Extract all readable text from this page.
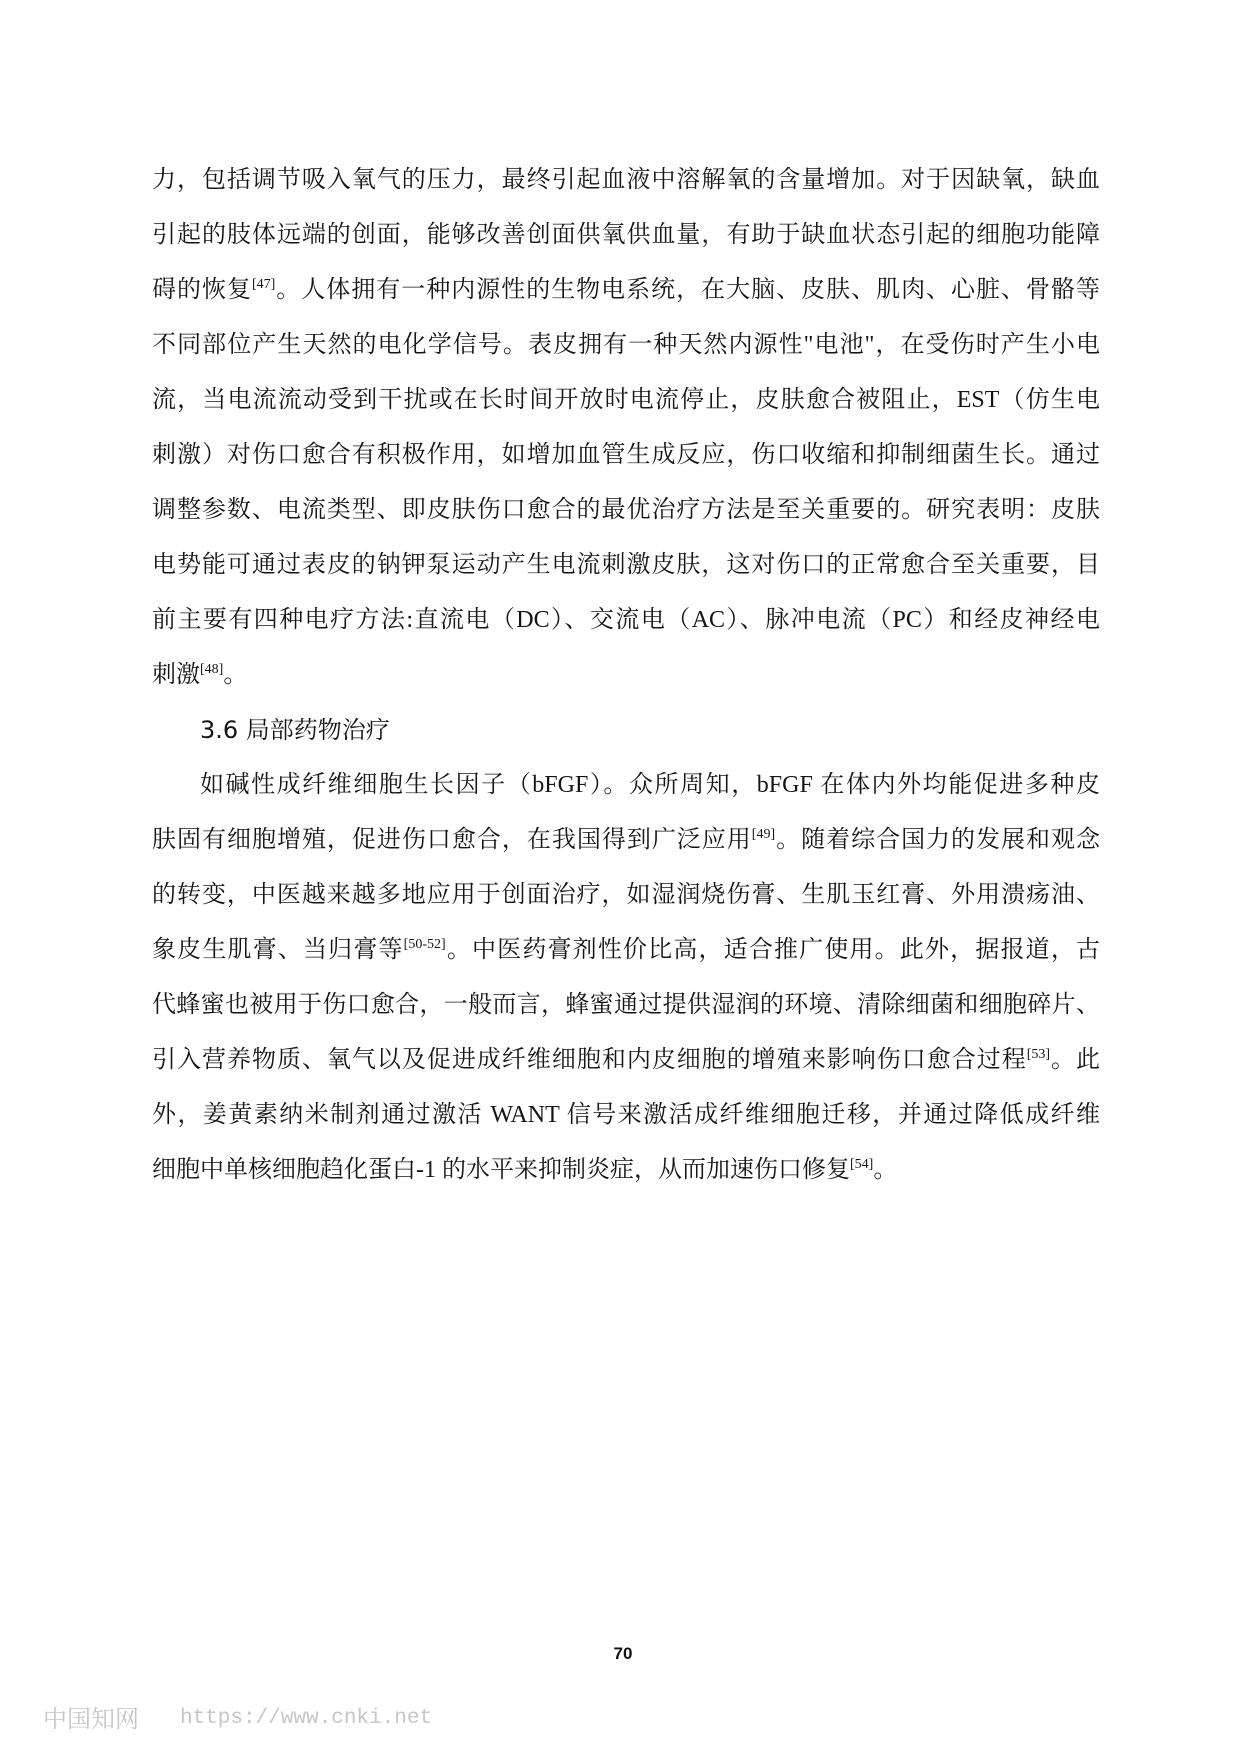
力，包括调节吸入氧气的压力，最终引起血液中溶解氧的含量增加。对于因缺氧，缺血
引起的肢体远端的创面，能够改善创面供氧供血量，有助于缺血状态引起的细胞功能障
碍的恢复[47]。人体拥有一种内源性的生物电系统，在大脑、皮肤、肌肉、心脏、骨骼等
不同部位产生天然的电化学信号。表皮拥有一种天然内源性"电池"，在受伤时产生小电
流，当电流流动受到干扰或在长时间开放时电流停止，皮肤愈合被阻止，EST（仿生电
刺激）对伤口愈合有积极作用，如增加血管生成反应，伤口收缩和抑制细菌生长。通过
调整参数、电流类型、即皮肤伤口愈合的最优治疗方法是至关重要的。研究表明：皮肤
电势能可通过表皮的钠钾泵运动产生电流刺激皮肤，这对伤口的正常愈合至关重要，目
前主要有四种电疗方法:直流电（DC）、交流电（AC）、脉冲电流（PC）和经皮神经电
刺激[48]。
3.6 局部药物治疗
如碱性成纤维细胞生长因子（bFGF）。众所周知，bFGF 在体内外均能促进多种皮
肤固有细胞增殖，促进伤口愈合，在我国得到广泛应用[49]。随着综合国力的发展和观念
的转变，中医越来越多地应用于创面治疗，如湿润烧伤膏、生肌玉红膏、外用溃疡油、
象皮生肌膏、当归膏等[50-52]。中医药膏剂性价比高，适合推广使用。此外，据报道，古
代蜂蜜也被用于伤口愈合，一般而言，蜂蜜通过提供湿润的环境、清除细菌和细胞碎片、
引入营养物质、氧气以及促进成纤维细胞和内皮细胞的增殖来影响伤口愈合过程[53]。此
外，姜黄素纳米制剂通过激活 WANT 信号来激活成纤维细胞迁移，并通过降低成纤维
细胞中单核细胞趋化蛋白-1 的水平来抑制炎症，从而加速伤口修复[54]。
70
中国知网 https://www.cnki.net
